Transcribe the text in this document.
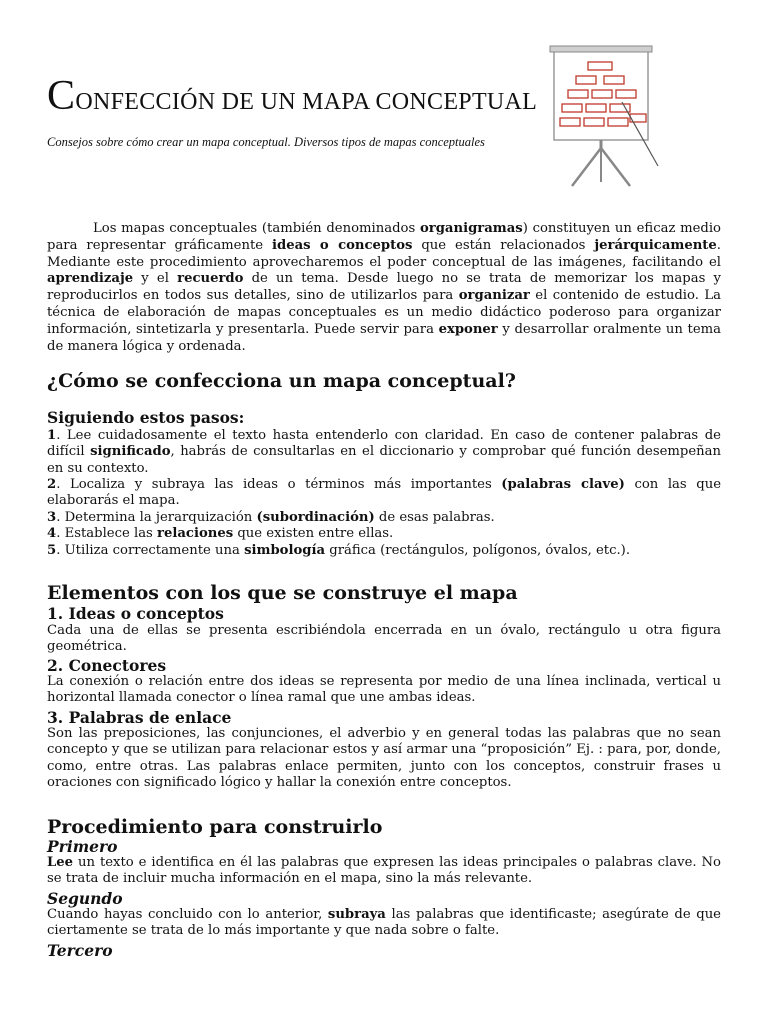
CONFECCIÓN DE UN MAPA CONCEPTUAL

Consejos sobre cómo crear un mapa conceptual. Diversos tipos de mapas conceptuales

Los mapas conceptuales (también denominados organigramas) constituyen un eficaz medio para representar gráficamente ideas o conceptos que están relacionados jerárquicamente. Mediante este procedimiento aprovecharemos el poder conceptual de las imágenes, facilitando el aprendizaje y el recuerdo de un tema. Desde luego no se trata de memorizar los mapas y reproducirlos en todos sus detalles, sino de utilizarlos para organizar el contenido de estudio. La técnica de elaboración de mapas conceptuales es un medio didáctico poderoso para organizar información, sintetizarla y presentarla. Puede servir para exponer y desarrollar oralmente un tema de manera lógica y ordenada.

¿Cómo se confecciona un mapa conceptual?
Siguiendo estos pasos:

1. Lee cuidadosamente el texto hasta entenderlo con claridad. En caso de contener palabras de difícil significado, habrás de consultarlas en el diccionario y comprobar qué función desempeñan en su contexto.

2. Localiza y subraya las ideas o términos más importantes (palabras clave) con las que elaborarás el mapa.

3. Determina la jerarquización (subordinación) de esas palabras.

4. Establece las relaciones que existen entre ellas.

5. Utiliza correctamente una simbología gráfica (rectángulos, polígonos, óvalos, etc.).

Elementos con los que se construye el mapa
1. Ideas o conceptos

Cada una de ellas se presenta escribiéndola encerrada en un óvalo, rectángulo u otra figura geométrica.

2. Conectores

La conexión o relación entre dos ideas se representa por medio de una línea inclinada, vertical u horizontal llamada conector o línea ramal que une ambas ideas.

3. Palabras de enlace

Son las preposiciones, las conjunciones, el adverbio y en general todas las palabras que no sean concepto y que se utilizan para relacionar estos y así armar una “proposición” Ej. : para, por, donde, como, entre otras. Las palabras enlace permiten, junto con los conceptos, construir frases u oraciones con significado lógico y hallar la conexión entre conceptos.

Procedimiento para construirlo
Primero

Lee un texto e identifica en él las palabras que expresen las ideas principales o palabras clave. No se trata de incluir mucha información en el mapa, sino la más relevante.

Segundo

Cuando hayas concluido con lo anterior, subraya las palabras que identificaste; asegúrate de que ciertamente se trata de lo más importante y que nada sobre o falte.

Tercero
